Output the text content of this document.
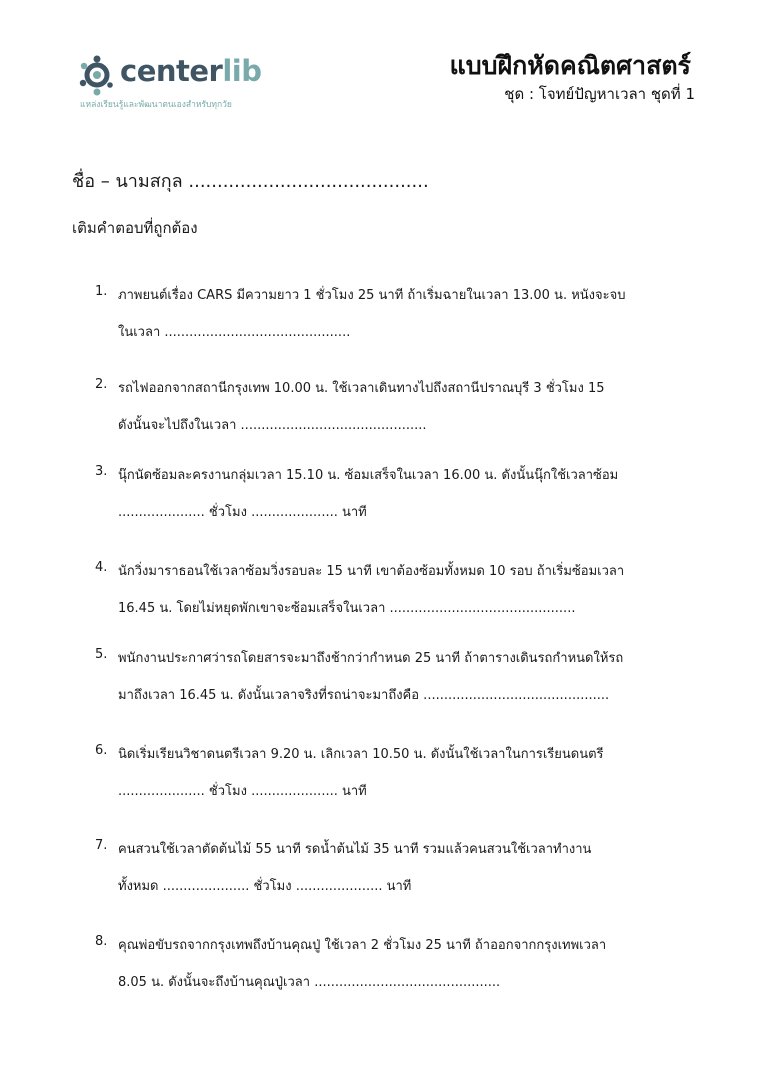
centerlib
แหล่งเรียนรู้และพัฒนาตนเองสำหรับทุกวัย
แบบฝึกหัดคณิตศาสตร์
ชุด : โจทย์ปัญหาเวลา ชุดที่ 1
ชื่อ – นามสกุล ..........................................
เติมคำตอบที่ถูกต้อง
1. ภาพยนต์เรื่อง CARS มีความยาว 1 ชั่วโมง 25 นาที ถ้าเริ่มฉายในเวลา 13.00 น. หนังจะจบ
ในเวลา .............................................
2. รถไฟออกจากสถานีกรุงเทพ 10.00 น. ใช้เวลาเดินทางไปถึงสถานีปราณบุรี 3 ชั่วโมง 15
ดังนั้นจะไปถึงในเวลา .............................................
3. นุ๊กนัดซ้อมละครงานกลุ่มเวลา 15.10 น. ซ้อมเสร็จในเวลา 16.00 น. ดังนั้นนุ๊กใช้เวลาซ้อม
..................... ชั่วโมง ..................... นาที
4. นักวิ่งมาราธอนใช้เวลาซ้อมวิ่งรอบละ 15 นาที เขาต้องซ้อมทั้งหมด 10 รอบ ถ้าเริ่มซ้อมเวลา
16.45 น. โดยไม่หยุดพักเขาจะซ้อมเสร็จในเวลา .............................................
5. พนักงานประกาศว่ารถโดยสารจะมาถึงช้ากว่ากำหนด 25 นาที ถ้าตารางเดินรถกำหนดให้รถ
มาถึงเวลา 16.45 น. ดังนั้นเวลาจริงที่รถน่าจะมาถึงคือ .............................................
6. นิดเริ่มเรียนวิชาดนตรีเวลา 9.20 น. เลิกเวลา 10.50 น. ดังนั้นใช้เวลาในการเรียนดนตรี
..................... ชั่วโมง ..................... นาที
7. คนสวนใช้เวลาตัดต้นไม้ 55 นาที รดน้ำต้นไม้ 35 นาที รวมแล้วคนสวนใช้เวลาทำงาน
ทั้งหมด ..................... ชั่วโมง ..................... นาที
8. คุณพ่อขับรถจากกรุงเทพถึงบ้านคุณปู่ ใช้เวลา 2 ชั่วโมง 25 นาที ถ้าออกจากกรุงเทพเวลา
8.05 น. ดังนั้นจะถึงบ้านคุณปู่เวลา .............................................
